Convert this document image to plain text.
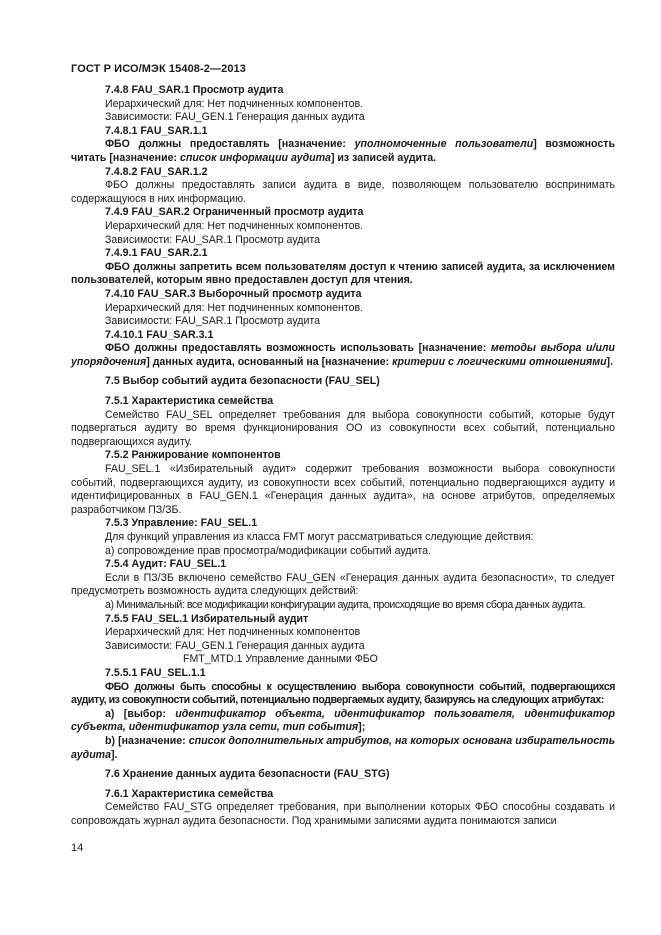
ГОСТ Р ИСО/МЭК 15408-2—2013

7.4.8 FAU_SAR.1 Просмотр аудита

Иерархический для: Нет подчиненных компонентов.

Зависимости: FAU_GEN.1 Генерация данных аудита

7.4.8.1 FAU_SAR.1.1

ФБО должны предоставлять [назначение: уполномоченные пользователи] возможность читать [назначение: список информации аудита] из записей аудита.

7.4.8.2 FAU_SAR.1.2

ФБО должны предоставлять записи аудита в виде, позволяющем пользователю воспринимать содержащуюся в них информацию.

7.4.9 FAU_SAR.2 Ограниченный просмотр аудита

Иерархический для: Нет подчиненных компонентов.

Зависимости: FAU_SAR.1 Просмотр аудита

7.4.9.1 FAU_SAR.2.1

ФБО должны запретить всем пользователям доступ к чтению записей аудита, за исключением пользователей, которым явно предоставлен доступ для чтения.

7.4.10 FAU_SAR.3 Выборочный просмотр аудита

Иерархический для: Нет подчиненных компонентов.

Зависимости: FAU_SAR.1 Просмотр аудита

7.4.10.1 FAU_SAR.3.1

ФБО должны предоставлять возможность использовать [назначение: методы выбора и/или упорядочения] данных аудита, основанный на [назначение: критерии с логическими отношениями].

7.5 Выбор событий аудита безопасности (FAU_SEL)

7.5.1 Характеристика семейства

Семейство FAU_SEL определяет требования для выбора совокупности событий, которые будут подвергаться аудиту во время функционирования ОО из совокупности всех событий, потенциально подвергающихся аудиту.

7.5.2 Ранжирование компонентов

FAU_SEL.1 «Избирательный аудит» содержит требования возможности выбора совокупности событий, подвергающихся аудиту, из совокупности всех событий, потенциально подвергающихся аудиту и идентифицированных в FAU_GEN.1 «Генерация данных аудита», на основе атрибутов, определяемых разработчиком ПЗ/ЗБ.

7.5.3 Управление: FAU_SEL.1

Для функций управления из класса FMT могут рассматриваться следующие действия:

а) сопровождение прав просмотра/модификации событий аудита.

7.5.4 Аудит: FAU_SEL.1

Если в ПЗ/ЗБ включено семейство FAU_GEN «Генерация данных аудита безопасности», то следует предусмотреть возможность аудита следующих действий:

а) Минимальный: все модификации конфигурации аудита, происходящие во время сбора данных аудита.

7.5.5 FAU_SEL.1 Избирательный аудит

Иерархический для: Нет подчиненных компонентов

Зависимости: FAU_GEN.1 Генерация данных аудита

FMT_MTD.1 Управление данными ФБО

7.5.5.1 FAU_SEL.1.1

ФБО должны быть способны к осуществлению выбора совокупности событий, подвергающихся аудиту, из совокупности событий, потенциально подвергаемых аудиту, базируясь на следующих атрибутах:

а) [выбор: идентификатор объекта, идентификатор пользователя, идентификатор субъекта, идентификатор узла сети, тип события];

b) [назначение: список дополнительных атрибутов, на которых основана избирательность аудита].

7.6 Хранение данных аудита безопасности (FAU_STG)

7.6.1 Характеристика семейства

Семейство FAU_STG определяет требования, при выполнении которых ФБО способны создавать и сопровождать журнал аудита безопасности. Под хранимыми записями аудита понимаются записи

14
